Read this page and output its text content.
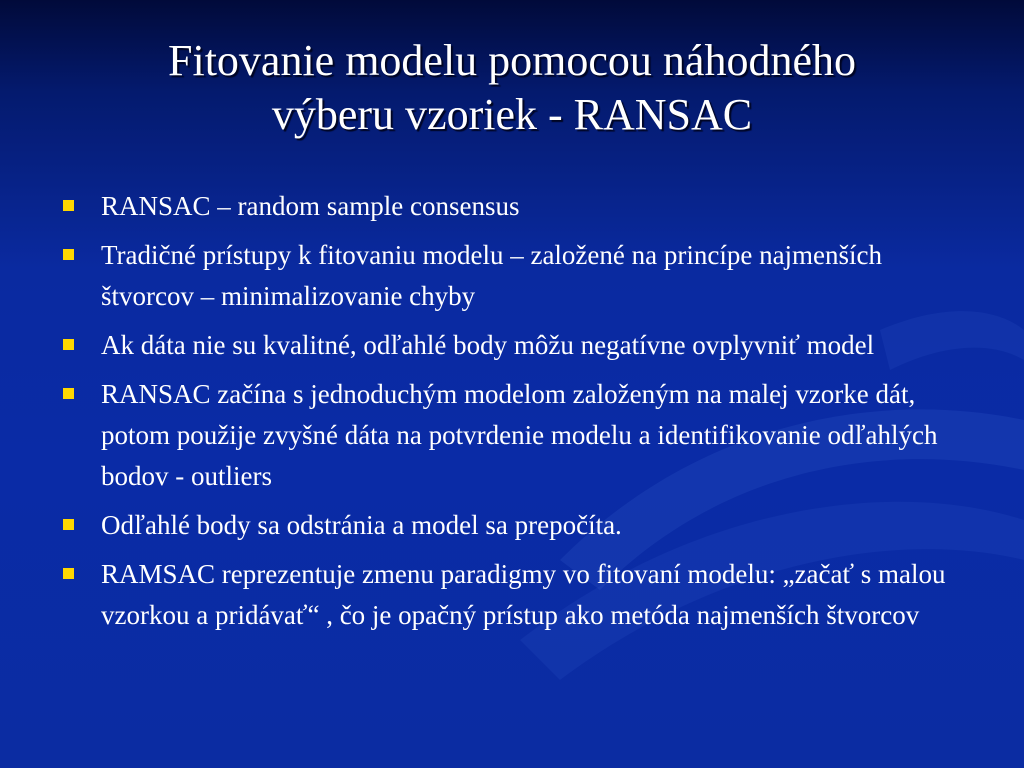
Fitovanie modelu pomocou náhodného
výberu vzoriek - RANSAC
RANSAC – random sample consensus
Tradičné prístupy k fitovaniu modelu – založené na princípe najmenších štvorcov – minimalizovanie chyby
Ak dáta nie su kvalitné, odľahlé body môžu negatívne ovplyvniť model
RANSAC začína s jednoduchým modelom založeným na malej vzorke dát, potom použije zvyšné dáta na potvrdenie modelu a identifikovanie odľahlých bodov - outliers
Odľahlé body sa odstránia a model sa prepočíta.
RAMSAC reprezentuje zmenu paradigmy vo fitovaní modelu: „začať s malou vzorkou a pridávať“ , čo je opačný prístup ako metóda najmenších štvorcov
